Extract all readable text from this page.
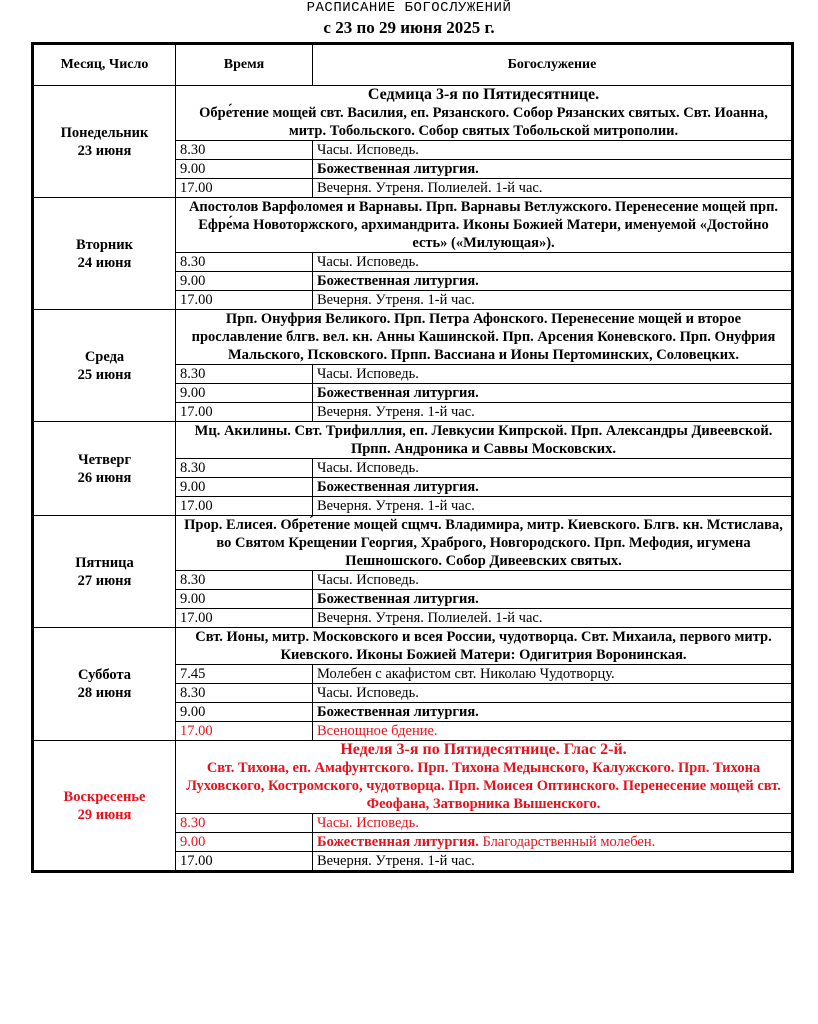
РАСПИСАНИЕ БОГОСЛУЖЕНИЙ
с 23 по 29 июня 2025 г.
Месяц, Число	Время	Богослужение
Понедельник
23 июня	Седмица 3-я по Пятидесятнице.
Обре́тение мощей свт. Василия, еп. Рязанского. Собор Рязанских святых. Свт. Иоанна, митр. Тобольского. Собор святых Тобольской митрополии.	
	8.30	Часы. Исповедь.
	9.00	Божественная литургия.
	17.00	Вечерня. Утреня. Полиелей. 1-й час.
Вторник
24 июня	Апостолов Варфоломея и Варнавы. Прп. Варнавы Ветлужского. Перенесение мощей прп. Ефре́ма Новоторжского, архимандрита. Иконы Божией Матери, именуемой «Достойно есть» («Милующая»).	
	8.30	Часы. Исповедь.
	9.00	Божественная литургия.
	17.00	Вечерня. Утреня. 1-й час.
Среда
25 июня	Прп. Онуфрия Великого. Прп. Петра Афонского. Перенесение мощей и второе прославление блгв. вел. кн. Анны Кашинской. Прп. Арсения Коневского. Прп. Онуфрия Мальского, Псковского. Прпп. Вассиана и Ионы Пертоминских, Соловецких.	
	8.30	Часы. Исповедь.
	9.00	Божественная литургия.
	17.00	Вечерня. Утреня. 1-й час.
Четверг
26 июня	Мц. Акилины. Свт. Трифиллия, еп. Левкусии Кипрской. Прп. Александры Дивеевской. Прпп. Андроника и Саввы Московских.	
	8.30	Часы. Исповедь.
	9.00	Божественная литургия.
	17.00	Вечерня. Утреня. 1-й час.
Пятница
27 июня	Прор. Елисея. Обре́тение мощей сщмч. Владимира, митр. Киевского. Блгв. кн. Мстислава, во Святом Крещении Георгия, Храброго, Новгородского. Прп. Мефодия, игумена Пешношского. Собор Дивеевских святых.	
	8.30	Часы. Исповедь.
	9.00	Божественная литургия.
	17.00	Вечерня. Утреня. Полиелей. 1-й час.
Суббота
28 июня	Свт. Ионы, митр. Московского и всея России, чудотворца. Свт. Михаила, первого митр. Киевского. Иконы Божией Матери: Одигитрия Воронинская.	
	7.45	Молебен с акафистом свт. Николаю Чудотворцу.
	8.30	Часы. Исповедь.
	9.00	Божественная литургия.
	17.00	Всенощное бдение.
Воскресенье
29 июня	Неделя 3-я по Пятидесятнице. Глас 2-й.
Свт. Тихона, еп. Амафунтского. Прп. Тихона Медынского, Калужского. Прп. Тихона Луховского, Костромского, чудотворца. Прп. Моисея Оптинского. Перенесение мощей свт. Феофана, Затворника Вышенского.	
	8.30	Часы. Исповедь.
	9.00	Божественная литургия. Благодарственный молебен.
	17.00	Вечерня. Утреня. 1-й час.
